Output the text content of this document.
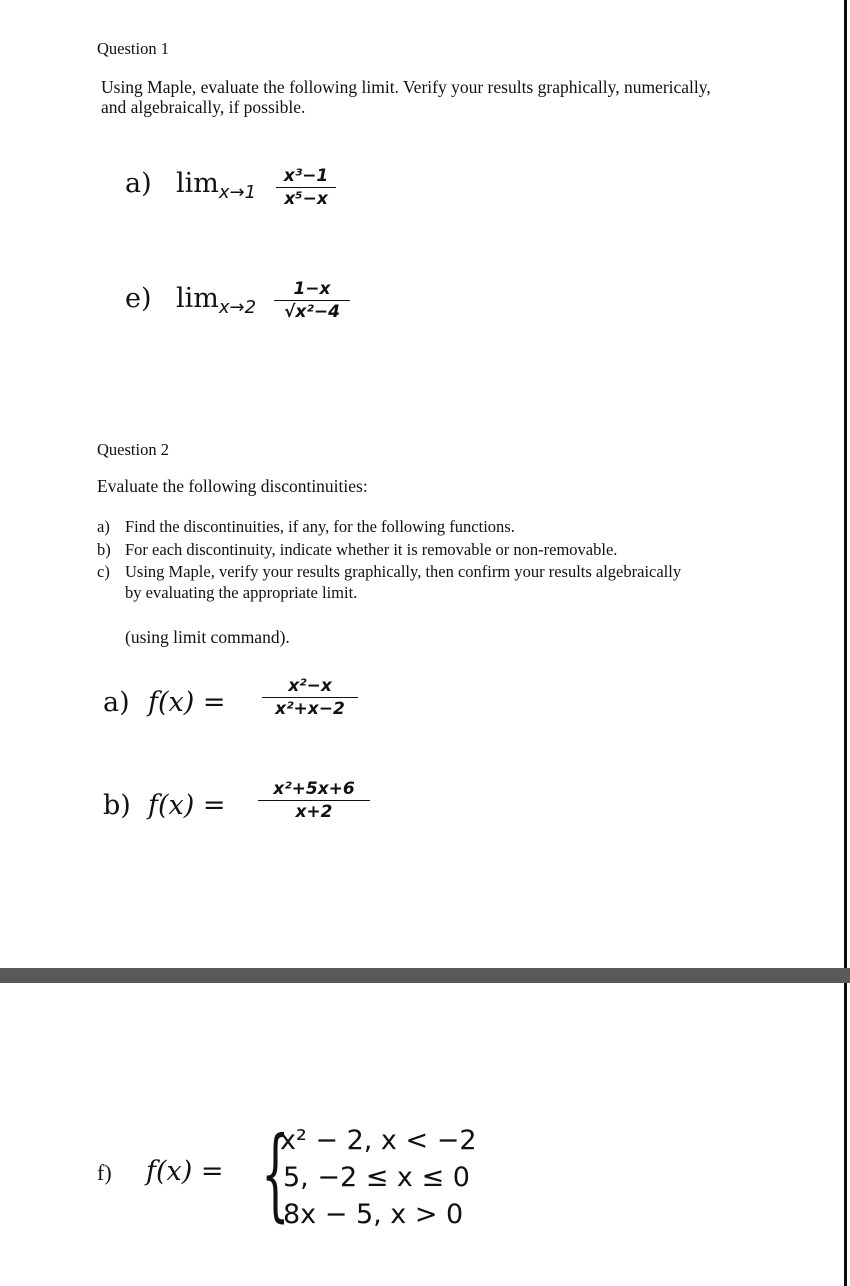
Question 1
Using Maple, evaluate the following limit. Verify your results graphically, numerically,
and algebraically, if possible.
a) $\lim_{x\to 1}$
x³−1
x⁵−x
e) $\lim_{x\to 2}$
1−x
√x²−4
Question 2
Evaluate the following discontinuities:
a) Find the discontinuities, if any, for the following functions.
b) For each discontinuity, indicate whether it is removable or non-removable.
c) Using Maple, verify your results graphically, then confirm your results algebraically
by evaluating the appropriate limit.
(using limit command).
a) f(x) =
x²−x
x²+x−2
b) f(x) =
x²+5x+6
x+2
f) f(x) = {
x² − 2, x < −2
5, −2 ≤ x ≤ 0
8x − 5, x > 0
